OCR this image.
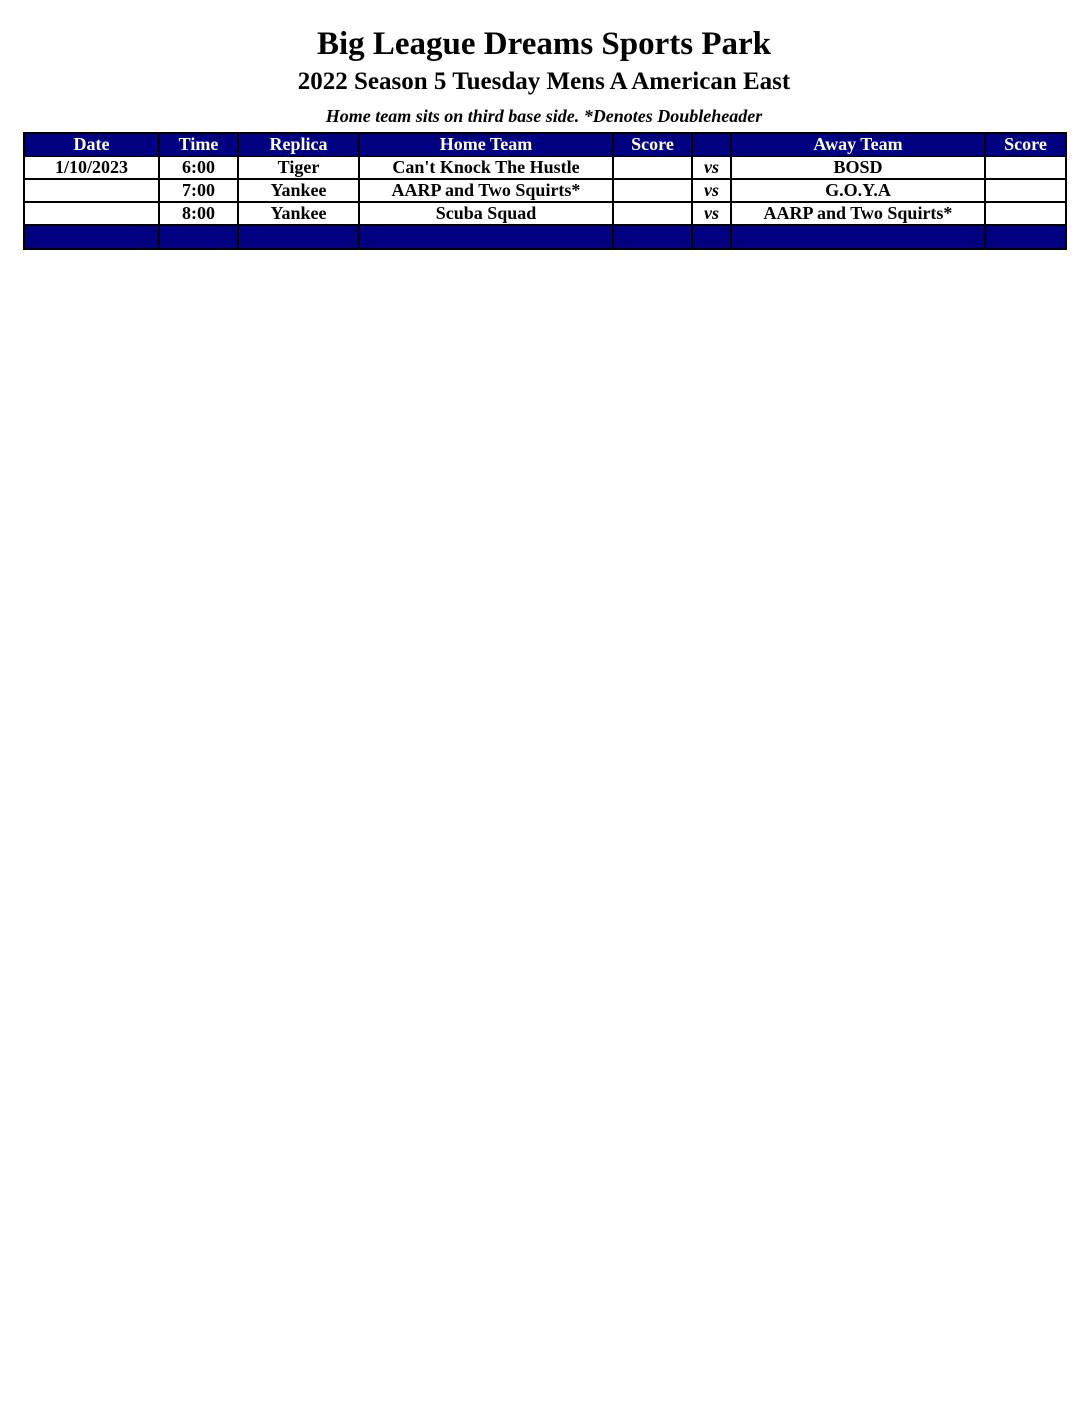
Big League Dreams Sports Park
2022 Season 5 Tuesday Mens A American East
Home team sits on third base side. *Denotes Doubleheader
Date	Time	Replica	Home Team	Score		Away Team	Score
1/10/2023	6:00	Tiger	Can't Knock The Hustle		vs	BOSD	
	7:00	Yankee	AARP and Two Squirts*		vs	G.O.Y.A	
	8:00	Yankee	Scuba Squad		vs	AARP and Two Squirts*	
